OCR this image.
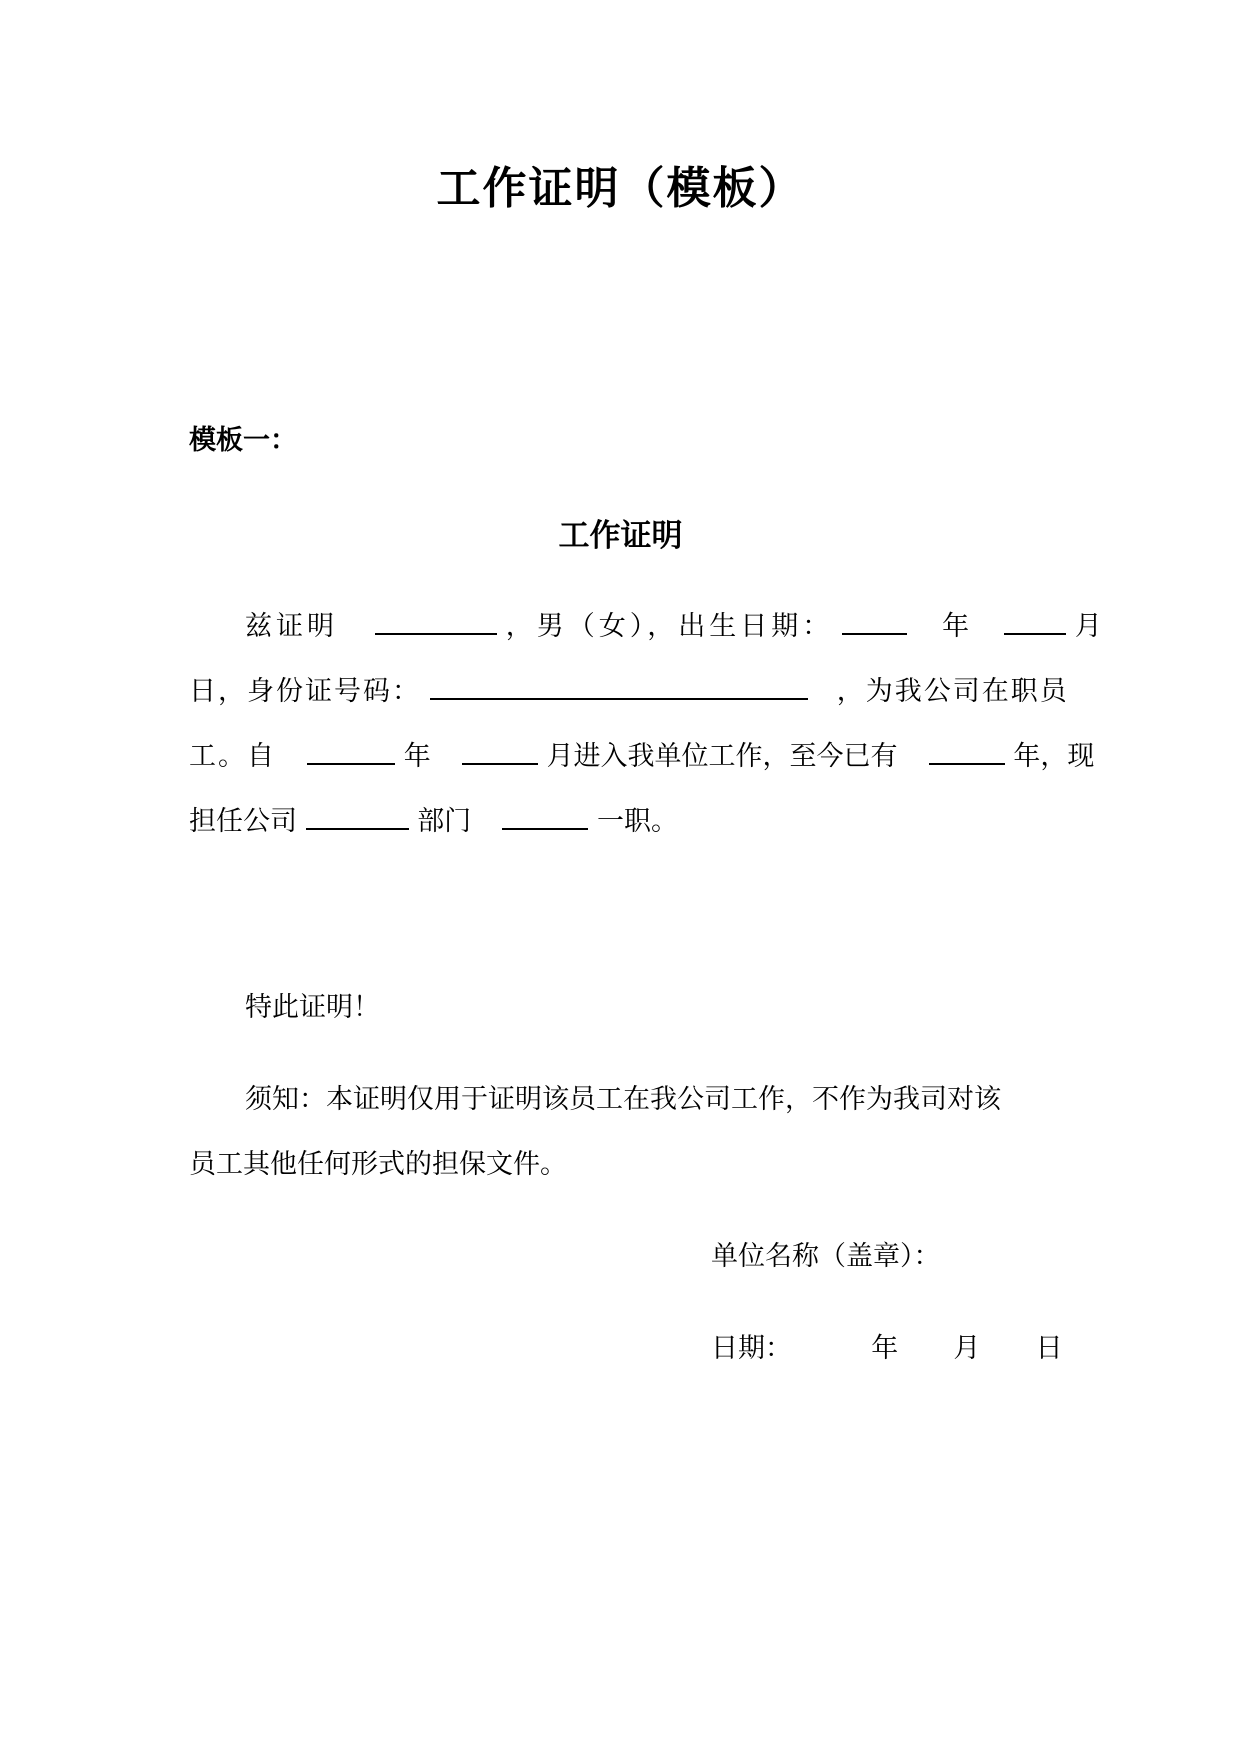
工作证明（模板）
模板一：
工作证明
兹证明	，男（女），出生日期：	年	月
日，身份证号码：	，为我公司在职员
工。自	年	月进入我单位工作，至今已有	年，现
担任公司	部门	一职。
特此证明！
须知：本证明仅用于证明该员工在我公司工作，不作为我司对该
员工其他任何形式的担保文件。
单位名称（盖章）：
日期：	年 月 日
